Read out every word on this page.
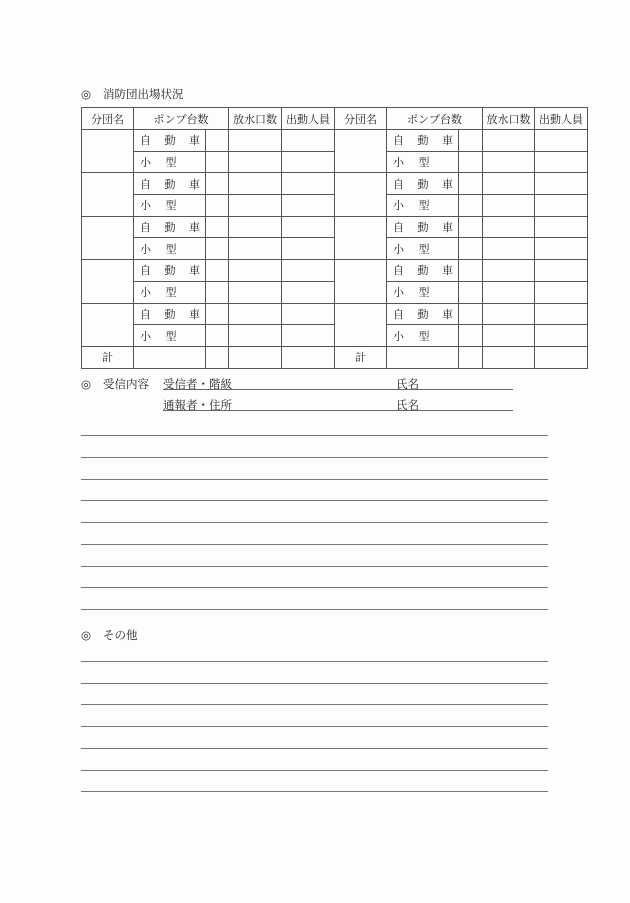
◎ 消防団出場状況
分団名	ポンプ台数		放水口数	出動人員	分団名	ポンプ台数		放水口数	出動人員
	自 動 車					自 動 車			
	小　 型					小　 型			
	自 動 車					自 動 車			
	小　 型					小　 型			
	自 動 車					自 動 車			
	小　 型					小　 型			
	自 動 車					自 動 車			
	小　 型					小　 型			
	自 動 車					自 動 車			
	小　 型					小　 型			
計					計				
◎ 受信内容 受信者・階級	氏名
通報者・住所	氏名
◎ その他
